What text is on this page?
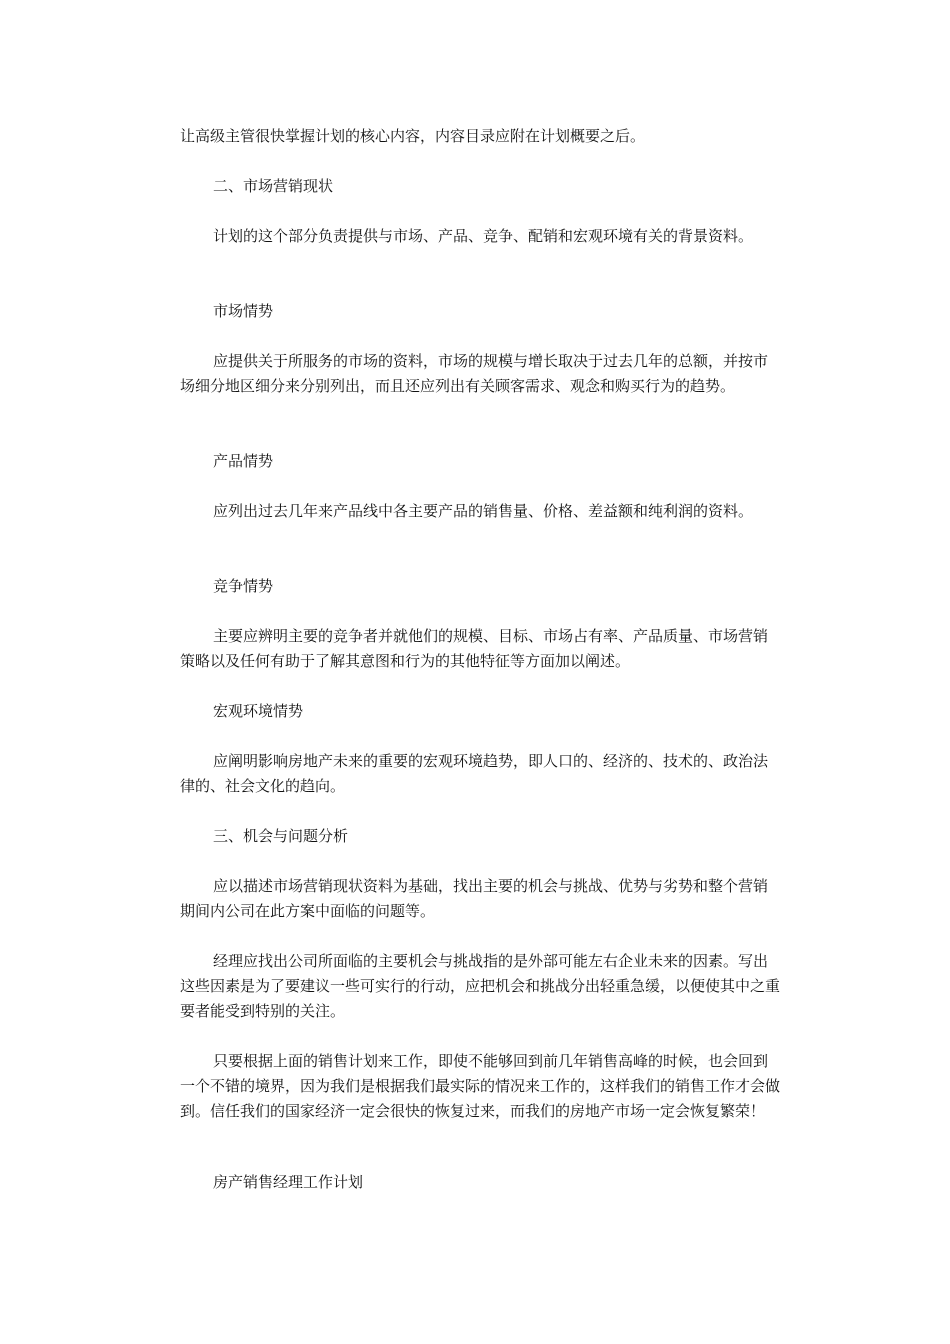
让高级主管很快掌握计划的核心内容，内容目录应附在计划概要之后。

二、市场营销现状

计划的这个部分负责提供与市场、产品、竞争、配销和宏观环境有关的背景资料。

市场情势

应提供关于所服务的市场的资料，市场的规模与增长取决于过去几年的总额，并按市场细分地区细分来分别列出，而且还应列出有关顾客需求、观念和购买行为的趋势。

产品情势

应列出过去几年来产品线中各主要产品的销售量、价格、差益额和纯利润的资料。

竞争情势

主要应辨明主要的竞争者并就他们的规模、目标、市场占有率、产品质量、市场营销策略以及任何有助于了解其意图和行为的其他特征等方面加以阐述。

宏观环境情势

应阐明影响房地产未来的重要的宏观环境趋势，即人口的、经济的、技术的、政治法律的、社会文化的趋向。

三、机会与问题分析

应以描述市场营销现状资料为基础，找出主要的机会与挑战、优势与劣势和整个营销期间内公司在此方案中面临的问题等。

经理应找出公司所面临的主要机会与挑战指的是外部可能左右企业未来的因素。写出这些因素是为了要建议一些可实行的行动，应把机会和挑战分出轻重急缓，以便使其中之重要者能受到特别的关注。

只要根据上面的销售计划来工作，即使不能够回到前几年销售高峰的时候，也会回到一个不错的境界，因为我们是根据我们最实际的情况来工作的，这样我们的销售工作才会做到。信任我们的国家经济一定会很快的恢复过来，而我们的房地产市场一定会恢复繁荣！

房产销售经理工作计划
